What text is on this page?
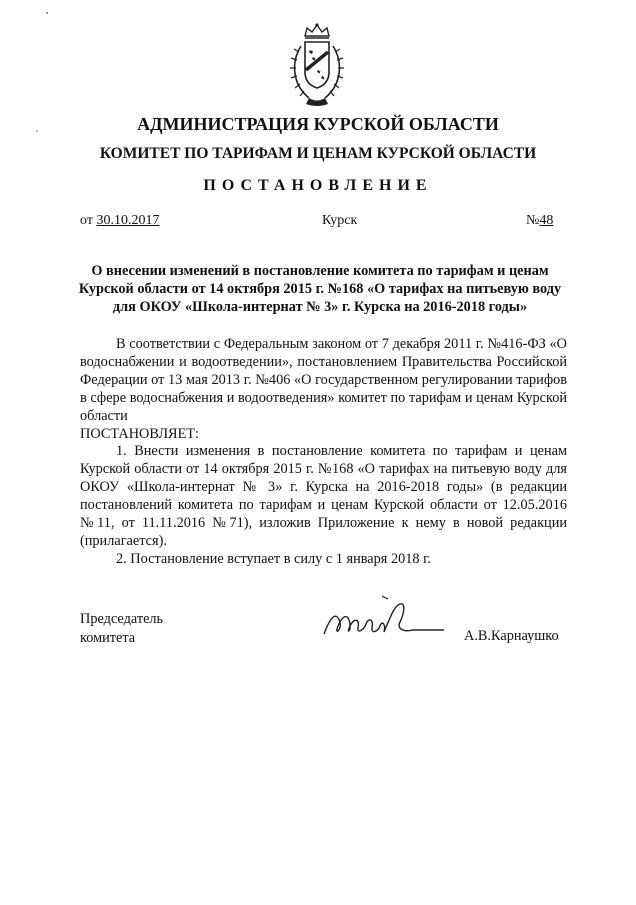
АДМИНИСТРАЦИЯ КУРСКОЙ ОБЛАСТИ
КОМИТЕТ ПО ТАРИФАМ И ЦЕНАМ КУРСКОЙ ОБЛАСТИ
ПОСТАНОВЛЕНИЕ
от 30.10.2017	Курск	№48
О внесении изменений в постановление комитета по тарифам и ценам Курской области от 14 октября 2015 г. №168 «О тарифах на питьевую воду для ОКОУ «Школа-интернат № 3» г. Курска на 2016-2018 годы»

В соответствии с Федеральным законом от 7 декабря 2011 г. №416-ФЗ «О водоснабжении и водоотведении», постановлением Правительства Российской Федерации от 13 мая 2013 г. №406 «О государственном регулировании тарифов в сфере водоснабжения и водоотведения» комитет по тарифам и ценам Курской области

ПОСТАНОВЛЯЕТ:

1. Внести изменения в постановление комитета по тарифам и ценам Курской области от 14 октября 2015 г. №168 «О тарифах на питьевую воду для ОКОУ «Школа-интернат № 3» г. Курска на 2016-2018 годы» (в редакции постановлений комитета по тарифам и ценам Курской области от 12.05.2016 №11, от 11.11.2016 №71), изложив Приложение к нему в новой редакции (прилагается).

2. Постановление вступает в силу с 1 января 2018 г.

Председатель
комитета	А.В.Карнаушко
